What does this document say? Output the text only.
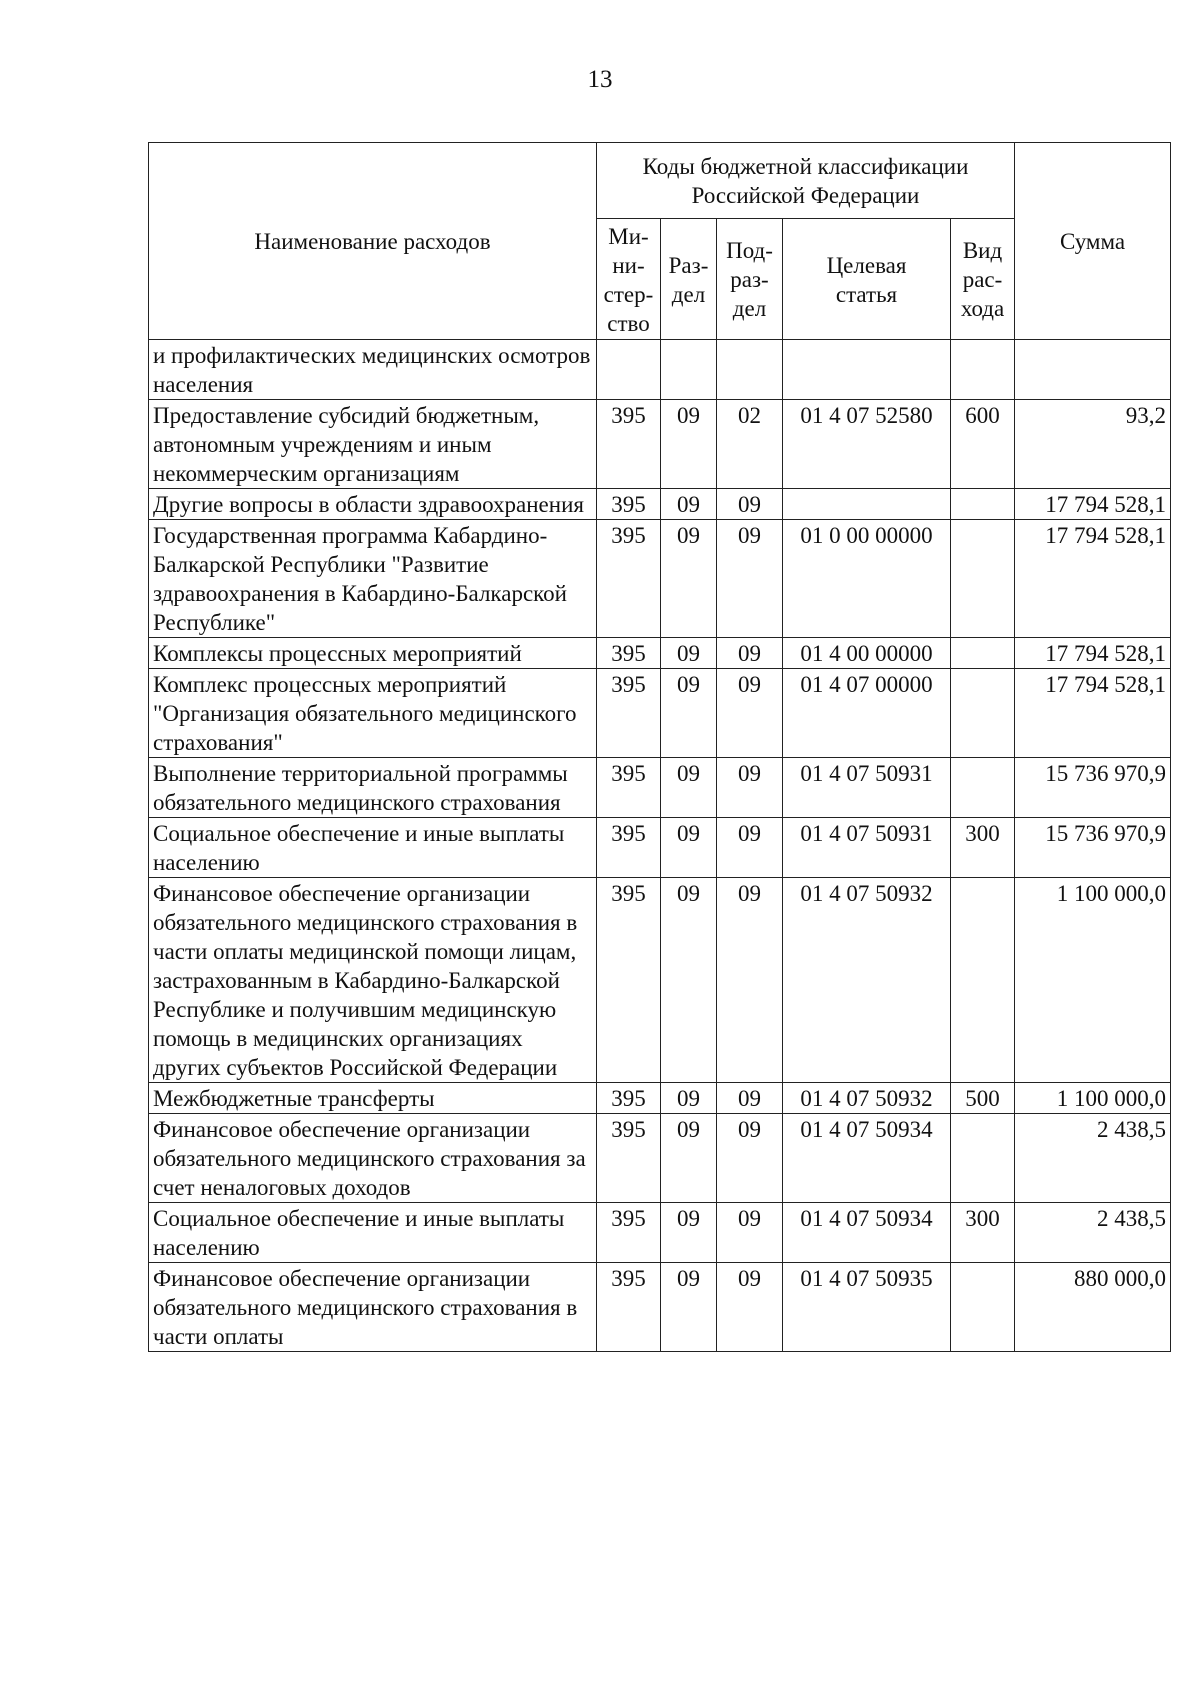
13
Наименование расходов	Коды бюджетной классификации Российской Федерации					Сумма
	Ми-
ни-
стер-
ство	Раз-
дел	Под-
раз-
дел	Целевая
статья	Вид
рас-
хода	
и профилактических медицинских осмотров населения						
Предоставление субсидий бюджетным, автономным учреждениям и иным некоммерческим организациям	395	09	02	01 4 07 52580	600	93,2
Другие вопросы в области здравоохранения	395	09	09			17 794 528,1
Государственная программа Кабардино-Балкарской Республики "Развитие здравоохранения в Кабардино-Балкарской Республике"	395	09	09	01 0 00 00000		17 794 528,1
Комплексы процессных мероприятий	395	09	09	01 4 00 00000		17 794 528,1
Комплекс процессных мероприятий "Организация обязательного медицинского страхования"	395	09	09	01 4 07 00000		17 794 528,1
Выполнение территориальной программы обязательного медицинского страхования	395	09	09	01 4 07 50931		15 736 970,9
Социальное обеспечение и иные выплаты населению	395	09	09	01 4 07 50931	300	15 736 970,9
Финансовое обеспечение организации обязательного медицинского страхования в части оплаты медицинской помощи лицам, застрахованным в Кабардино-Балкарской Республике и получившим медицинскую помощь в медицинских организациях других субъектов Российской Федерации	395	09	09	01 4 07 50932		1 100 000,0
Межбюджетные трансферты	395	09	09	01 4 07 50932	500	1 100 000,0
Финансовое обеспечение организации обязательного медицинского страхования за счет неналоговых доходов	395	09	09	01 4 07 50934		2 438,5
Социальное обеспечение и иные выплаты населению	395	09	09	01 4 07 50934	300	2 438,5
Финансовое обеспечение организации обязательного медицинского страхования в части оплаты	395	09	09	01 4 07 50935		880 000,0
